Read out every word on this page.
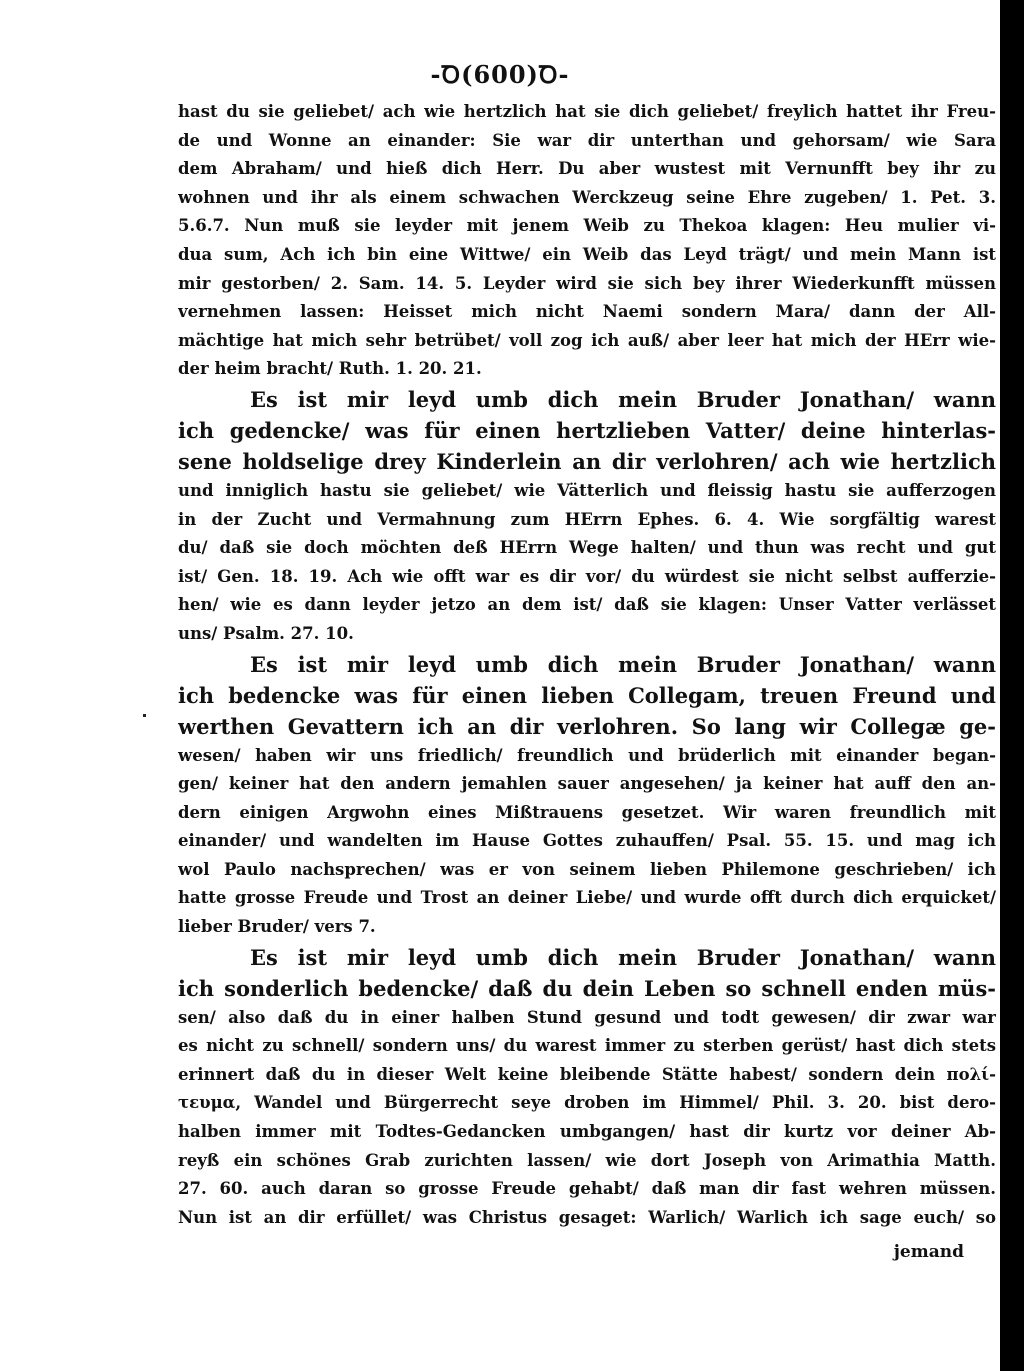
-Ꝺ(600)Ꝺ-
hast du sie geliebet/ ach wie hertzlich hat sie dich geliebet/ freylich hattet ihr Freu-
de und Wonne an einander: Sie war dir unterthan und gehorsam/ wie Sara
dem Abraham/ und hieß dich Herr. Du aber wustest mit Vernunfft bey ihr zu
wohnen und ihr als einem schwachen Werckzeug seine Ehre zugeben/ 1. Pet. 3.
5.6.7. Nun muß sie leyder mit jenem Weib zu Thekoa klagen: Heu mulier vi-
dua sum, Ach ich bin eine Wittwe/ ein Weib das Leyd trägt/ und mein Mann ist
mir gestorben/ 2. Sam. 14. 5. Leyder wird sie sich bey ihrer Wiederkunfft müssen
vernehmen lassen: Heisset mich nicht Naemi sondern Mara/ dann der All-
mächtige hat mich sehr betrübet/ voll zog ich auß/ aber leer hat mich der HErr wie-
der heim bracht/ Ruth. 1. 20. 21.
Es ist mir leyd umb dich mein Bruder Jonathan/ wann
ich gedencke/ was für einen hertzlieben Vatter/ deine hinterlas-
sene holdselige drey Kinderlein an dir verlohren/ ach wie hertzlich
und inniglich hastu sie geliebet/ wie Vätterlich und fleissig hastu sie aufferzogen
in der Zucht und Vermahnung zum HErrn Ephes. 6. 4. Wie sorgfältig warest
du/ daß sie doch möchten deß HErrn Wege halten/ und thun was recht und gut
ist/ Gen. 18. 19. Ach wie offt war es dir vor/ du würdest sie nicht selbst aufferzie-
hen/ wie es dann leyder jetzo an dem ist/ daß sie klagen: Unser Vatter verlässet
uns/ Psalm. 27. 10.
Es ist mir leyd umb dich mein Bruder Jonathan/ wann
ich bedencke was für einen lieben Collegam, treuen Freund und
werthen Gevattern ich an dir verlohren. So lang wir Collegæ ge-
wesen/ haben wir uns friedlich/ freundlich und brüderlich mit einander began-
gen/ keiner hat den andern jemahlen sauer angesehen/ ja keiner hat auff den an-
dern einigen Argwohn eines Mißtrauens gesetzet. Wir waren freundlich mit
einander/ und wandelten im Hause Gottes zuhauffen/ Psal. 55. 15. und mag ich
wol Paulo nachsprechen/ was er von seinem lieben Philemone geschrieben/ ich
hatte grosse Freude und Trost an deiner Liebe/ und wurde offt durch dich erquicket/
lieber Bruder/ vers 7.
Es ist mir leyd umb dich mein Bruder Jonathan/ wann
ich sonderlich bedencke/ daß du dein Leben so schnell enden müs-
sen/ also daß du in einer halben Stund gesund und todt gewesen/ dir zwar war
es nicht zu schnell/ sondern uns/ du warest immer zu sterben gerüst/ hast dich stets
erinnert daß du in dieser Welt keine bleibende Stätte habest/ sondern dein πολί-
τευμα, Wandel und Bürgerrecht seye droben im Himmel/ Phil. 3. 20. bist dero-
halben immer mit Todtes-Gedancken umbgangen/ hast dir kurtz vor deiner Ab-
reyß ein schönes Grab zurichten lassen/ wie dort Joseph von Arimathia Matth.
27. 60. auch daran so grosse Freude gehabt/ daß man dir fast wehren müssen.
Nun ist an dir erfüllet/ was Christus gesaget: Warlich/ Warlich ich sage euch/ so
jemand
